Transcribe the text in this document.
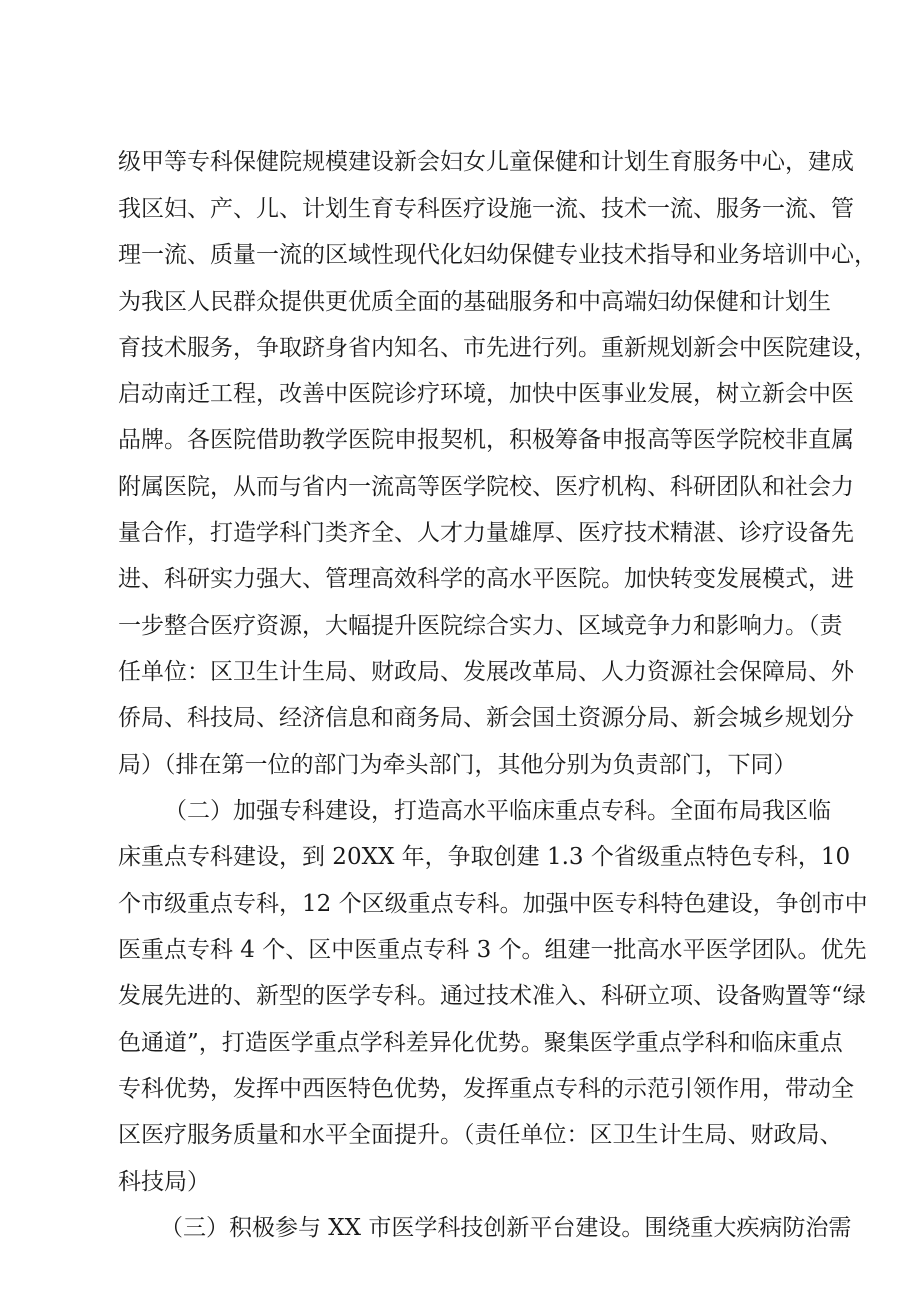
级甲等专科保健院规模建设新会妇女儿童保健和计划生育服务中心，建成
我区妇、产、儿、计划生育专科医疗设施一流、技术一流、服务一流、管
理一流、质量一流的区域性现代化妇幼保健专业技术指导和业务培训中心，
为我区人民群众提供更优质全面的基础服务和中高端妇幼保健和计划生
育技术服务，争取跻身省内知名、市先进行列。重新规划新会中医院建设，
启动南迁工程，改善中医院诊疗环境，加快中医事业发展，树立新会中医
品牌。各医院借助教学医院申报契机，积极筹备申报高等医学院校非直属
附属医院，从而与省内一流高等医学院校、医疗机构、科研团队和社会力
量合作，打造学科门类齐全、人才力量雄厚、医疗技术精湛、诊疗设备先
进、科研实力强大、管理高效科学的高水平医院。加快转变发展模式，进
一步整合医疗资源，大幅提升医院综合实力、区域竞争力和影响力。（责
任单位：区卫生计生局、财政局、发展改革局、人力资源社会保障局、外
侨局、科技局、经济信息和商务局、新会国土资源分局、新会城乡规划分
局）（排在第一位的部门为牵头部门，其他分别为负责部门，下同）
（二）加强专科建设，打造高水平临床重点专科。全面布局我区临
床重点专科建设，到 20XX 年，争取创建 1.3 个省级重点特色专科，10
个市级重点专科，12 个区级重点专科。加强中医专科特色建设，争创市中
医重点专科 4 个、区中医重点专科 3 个。组建一批高水平医学团队。优先
发展先进的、新型的医学专科。通过技术准入、科研立项、设备购置等“绿
色通道”，打造医学重点学科差异化优势。聚集医学重点学科和临床重点
专科优势，发挥中西医特色优势，发挥重点专科的示范引领作用，带动全
区医疗服务质量和水平全面提升。（责任单位：区卫生计生局、财政局、
科技局）
（三）积极参与 XX 市医学科技创新平台建设。围绕重大疾病防治需
